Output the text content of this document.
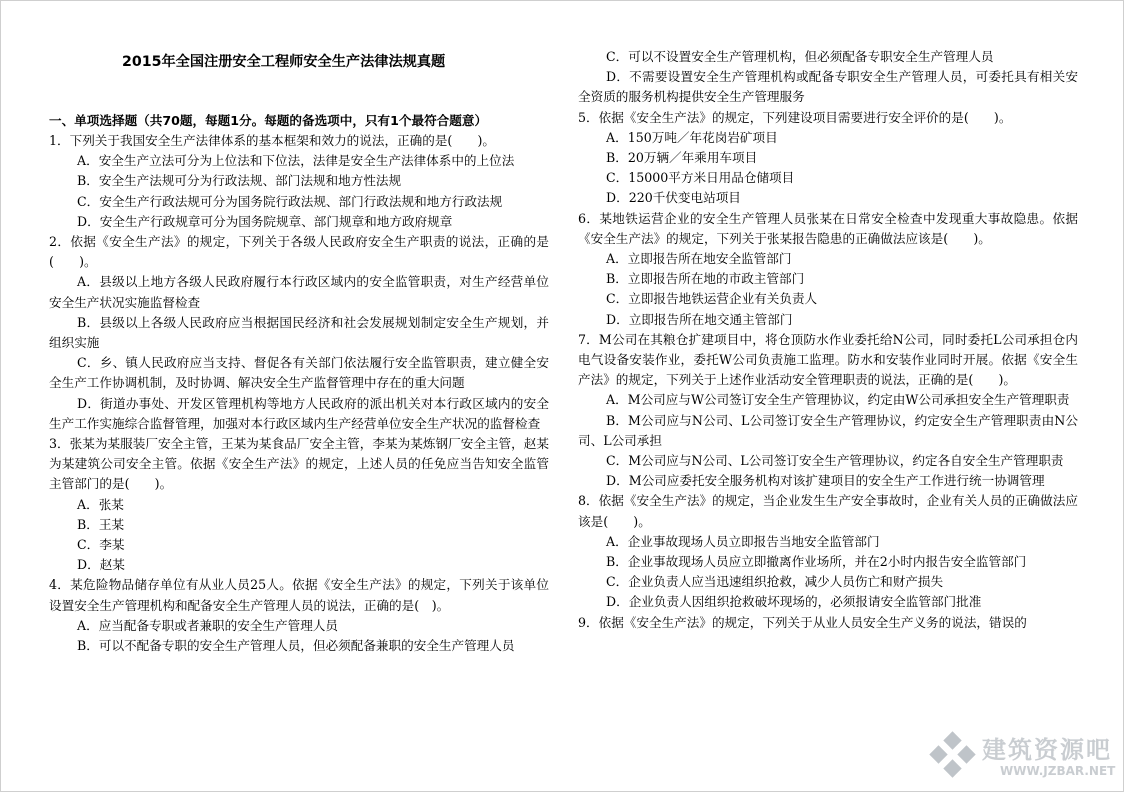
2015年全国注册安全工程师安全生产法律法规真题
一、单项选择题（共70题，每题1分。每题的备选项中，只有1个最符合题意）
1．下列关于我国安全生产法律体系的基本框架和效力的说法，正确的是(　　)。
A．安全生产立法可分为上位法和下位法，法律是安全生产法律体系中的上位法
B．安全生产法规可分为行政法规、部门法规和地方性法规
C．安全生产行政法规可分为国务院行政法规、部门行政法规和地方行政法规
D．安全生产行政规章可分为国务院规章、部门规章和地方政府规章
2．依据《安全生产法》的规定，下列关于各级人民政府安全生产职责的说法，正确的是(　　)。
A．县级以上地方各级人民政府履行本行政区域内的安全监管职责，对生产经营单位安全生产状况实施监督检查
B．县级以上各级人民政府应当根据国民经济和社会发展规划制定安全生产规划，并组织实施
C．乡、镇人民政府应当支持、督促各有关部门依法履行安全监管职责，建立健全安全生产工作协调机制，及时协调、解决安全生产监督管理中存在的重大问题
D．街道办事处、开发区管理机构等地方人民政府的派出机关对本行政区域内的安全生产工作实施综合监督管理，加强对本行政区域内生产经营单位安全生产状况的监督检查
3．张某为某服装厂安全主管，王某为某食品厂安全主管，李某为某炼钢厂安全主管，赵某为某建筑公司安全主管。依据《安全生产法》的规定，上述人员的任免应当告知安全监管主管部门的是(　　)。
A．张某
B．王某
C．李某
D．赵某
4．某危险物品储存单位有从业人员25人。依据《安全生产法》的规定，下列关于该单位设置安全生产管理机构和配备安全生产管理人员的说法，正确的是(　)。
A．应当配备专职或者兼职的安全生产管理人员
B．可以不配备专职的安全生产管理人员，但必须配备兼职的安全生产管理人员
C．可以不设置安全生产管理机构，但必须配备专职安全生产管理人员
D．不需要设置安全生产管理机构或配备专职安全生产管理人员，可委托具有相关安全资质的服务机构提供安全生产管理服务
5．依据《安全生产法》的规定，下列建设项目需要进行安全评价的是(　　)。
A．150万吨／年花岗岩矿项目
B．20万辆／年乘用车项目
C．15000平方米日用品仓储项目
D．220千伏变电站项目
6．某地铁运营企业的安全生产管理人员张某在日常安全检查中发现重大事故隐患。依据《安全生产法》的规定，下列关于张某报告隐患的正确做法应该是(　　)。
A．立即报告所在地安全监管部门
B．立即报告所在地的市政主管部门
C．立即报告地铁运营企业有关负责人
D．立即报告所在地交通主管部门
7．M公司在其粮仓扩建项目中，将仓顶防水作业委托给N公司，同时委托L公司承担仓内电气设备安装作业，委托W公司负责施工监理。防水和安装作业同时开展。依据《安全生产法》的规定，下列关于上述作业活动安全管理职责的说法，正确的是(　　)。
A．M公司应与W公司签订安全生产管理协议，约定由W公司承担安全生产管理职责
B．M公司应与N公司、L公司签订安全生产管理协议，约定安全生产管理职责由N公司、L公司承担
C．M公司应与N公司、L公司签订安全生产管理协议，约定各自安全生产管理职责
D．M公司应委托安全服务机构对该扩建项目的安全生产工作进行统一协调管理
8．依据《安全生产法》的规定，当企业发生生产安全事故时，企业有关人员的正确做法应该是(　　)。
A．企业事故现场人员立即报告当地安全监管部门
B．企业事故现场人员应立即撤离作业场所，并在2小时内报告安全监管部门
C．企业负责人应当迅速组织抢救，减少人员伤亡和财产损失
D．企业负责人因组织抢救破坏现场的，必须报请安全监管部门批准
9．依据《安全生产法》的规定，下列关于从业人员安全生产义务的说法，错误的
建筑资源吧
WWW.JZBAR.NET
